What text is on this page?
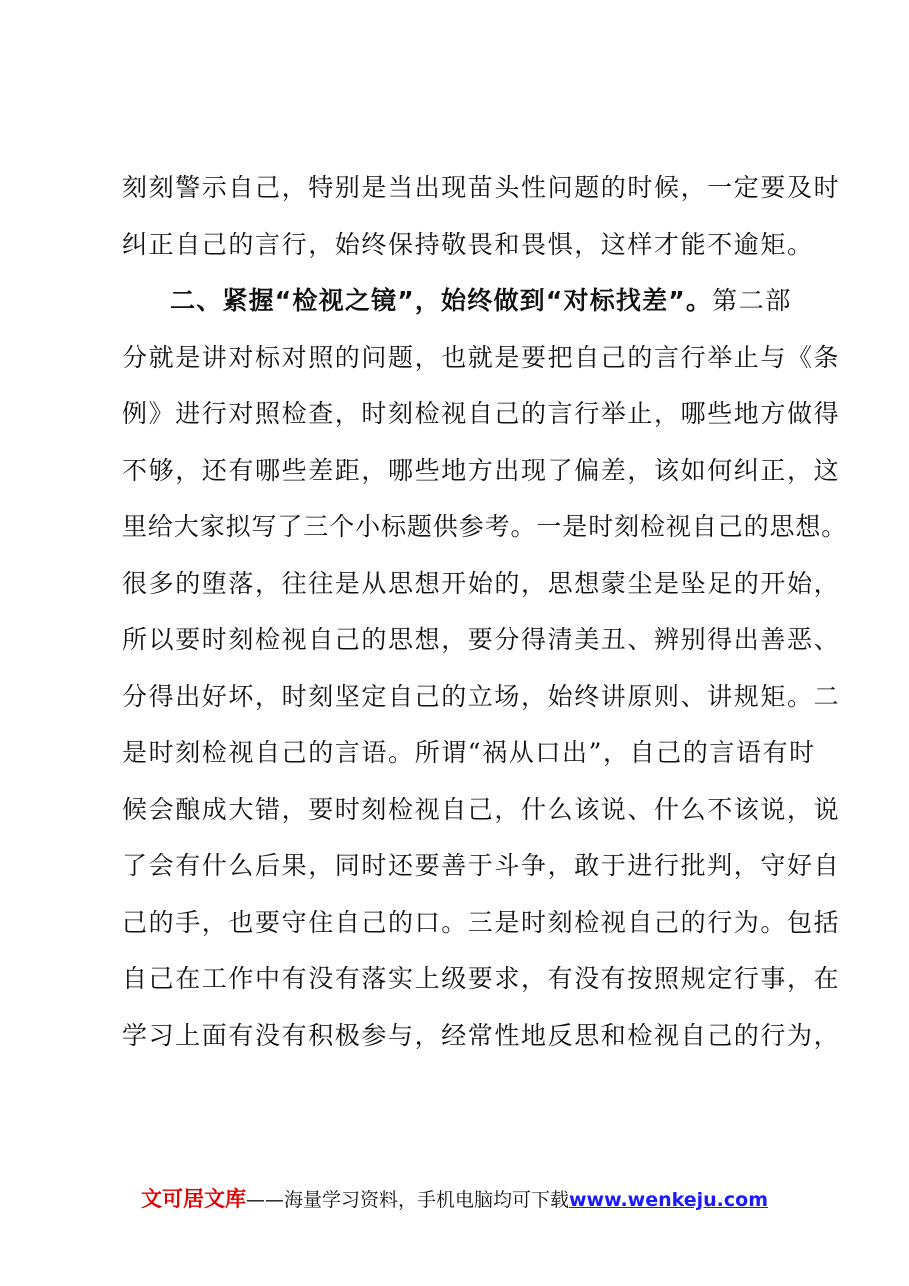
刻刻警示自己，特别是当出现苗头性问题的时候，一定要及时
纠正自己的言行，始终保持敬畏和畏惧，这样才能不逾矩。
二、紧握“检视之镜”，始终做到“对标找差”。第二部
分就是讲对标对照的问题，也就是要把自己的言行举止与《条
例》进行对照检查，时刻检视自己的言行举止，哪些地方做得
不够，还有哪些差距，哪些地方出现了偏差，该如何纠正，这
里给大家拟写了三个小标题供参考。一是时刻检视自己的思想。
很多的堕落，往往是从思想开始的，思想蒙尘是坠足的开始，
所以要时刻检视自己的思想，要分得清美丑、辨别得出善恶、
分得出好坏，时刻坚定自己的立场，始终讲原则、讲规矩。二
是时刻检视自己的言语。所谓“祸从口出”，自己的言语有时
候会酿成大错，要时刻检视自己，什么该说、什么不该说，说
了会有什么后果，同时还要善于斗争，敢于进行批判，守好自
己的手，也要守住自己的口。三是时刻检视自己的行为。包括
自己在工作中有没有落实上级要求，有没有按照规定行事，在
学习上面有没有积极参与，经常性地反思和检视自己的行为，
文可居文库——海量学习资料，手机电脑均可下载www.wenkeju.com
